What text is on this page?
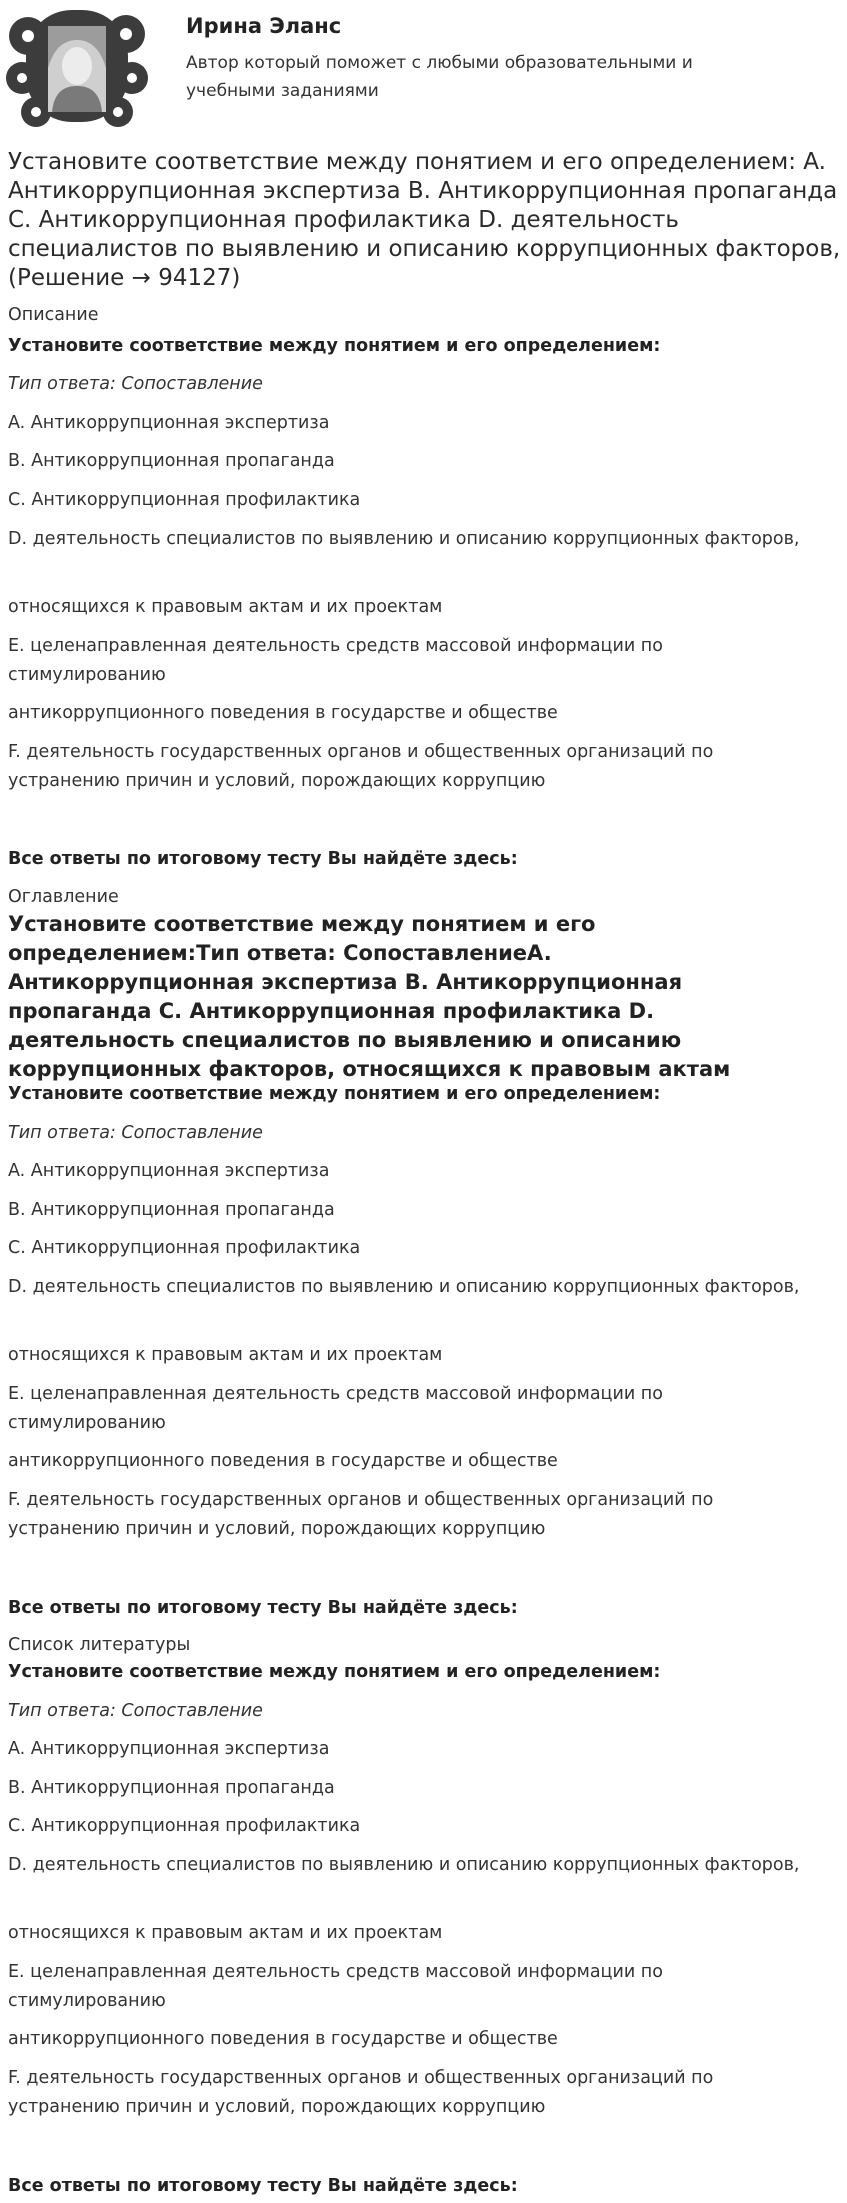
Ирина Эланс

Автор который поможет с любыми образовательными и учебными заданиями

Установите соответствие между понятием и его определением: A. Антикоррупционная экспертиза B. Антикоррупционная пропаганда C. Антикоррупционная профилактика D. деятельность специалистов по выявлению и описанию коррупционных факторов, (Решение → 94127)
Описание
Установите соответствие между понятием и его определением:
Тип ответа: Сопоставление
A. Антикоррупционная экспертиза
B. Антикоррупционная пропаганда
C. Антикоррупционная профилактика
D. деятельность специалистов по выявлению и описанию коррупционных факторов,
относящихся к правовым актам и их проектам
E. целенаправленная деятельность средств массовой информации по стимулированию
антикоррупционного поведения в государстве и обществе
F. деятельность государственных органов и общественных организаций по устранению причин и условий, порождающих коррупцию
Все ответы по итоговому тесту Вы найдёте здесь:
Оглавление
Установите соответствие между понятием и его определением:Тип ответа: СопоставлениеA. Антикоррупционная экспертиза B. Антикоррупционная пропаганда C. Антикоррупционная профилактика D. деятельность специалистов по выявлению и описанию коррупционных факторов, относящихся к правовым актам
Установите соответствие между понятием и его определением:
Тип ответа: Сопоставление
A. Антикоррупционная экспертиза
B. Антикоррупционная пропаганда
C. Антикоррупционная профилактика
D. деятельность специалистов по выявлению и описанию коррупционных факторов,
относящихся к правовым актам и их проектам
E. целенаправленная деятельность средств массовой информации по стимулированию
антикоррупционного поведения в государстве и обществе
F. деятельность государственных органов и общественных организаций по устранению причин и условий, порождающих коррупцию
Все ответы по итоговому тесту Вы найдёте здесь:
Список литературы
Установите соответствие между понятием и его определением:
Тип ответа: Сопоставление
A. Антикоррупционная экспертиза
B. Антикоррупционная пропаганда
C. Антикоррупционная профилактика
D. деятельность специалистов по выявлению и описанию коррупционных факторов,
относящихся к правовым актам и их проектам
E. целенаправленная деятельность средств массовой информации по стимулированию
антикоррупционного поведения в государстве и обществе
F. деятельность государственных органов и общественных организаций по устранению причин и условий, порождающих коррупцию
Все ответы по итоговому тесту Вы найдёте здесь:
